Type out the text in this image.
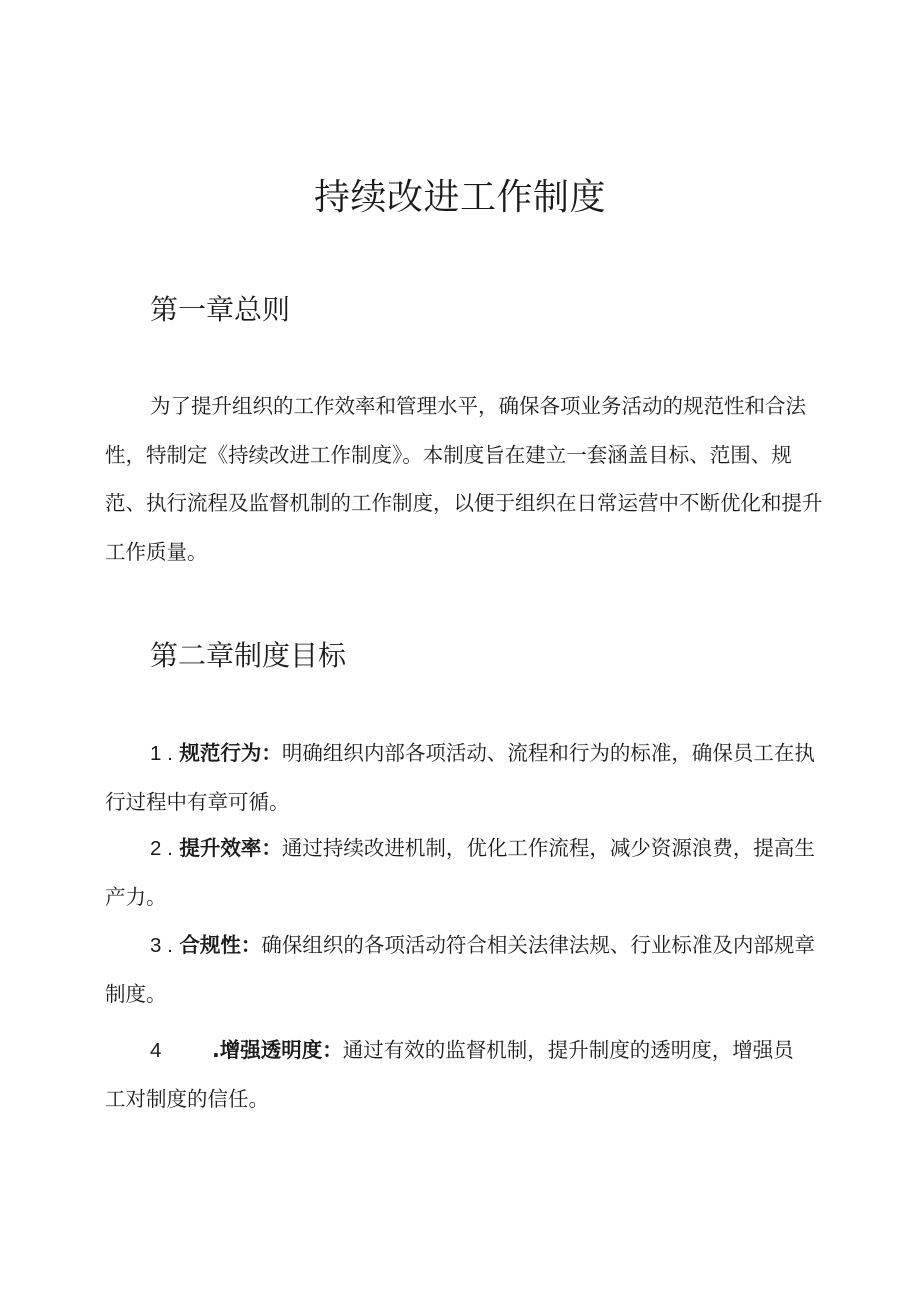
持续改进工作制度
第一章总则

为了提升组织的工作效率和管理水平，确保各项业务活动的规范性和合法性，特制定《持续改进工作制度》。本制度旨在建立一套涵盖目标、范围、规范、执行流程及监督机制的工作制度，以便于组织在日常运营中不断优化和提升工作质量。

第二章制度目标

1 . 规范行为：明确组织内部各项活动、流程和行为的标准，确保员工在执行过程中有章可循。

2 . 提升效率：通过持续改进机制，优化工作流程，减少资源浪费，提高生产力。

3 . 合规性：确保组织的各项活动符合相关法律法规、行业标准及内部规章制度。

4 .增强透明度：通过有效的监督机制，提升制度的透明度，增强员工对制度的信任。
